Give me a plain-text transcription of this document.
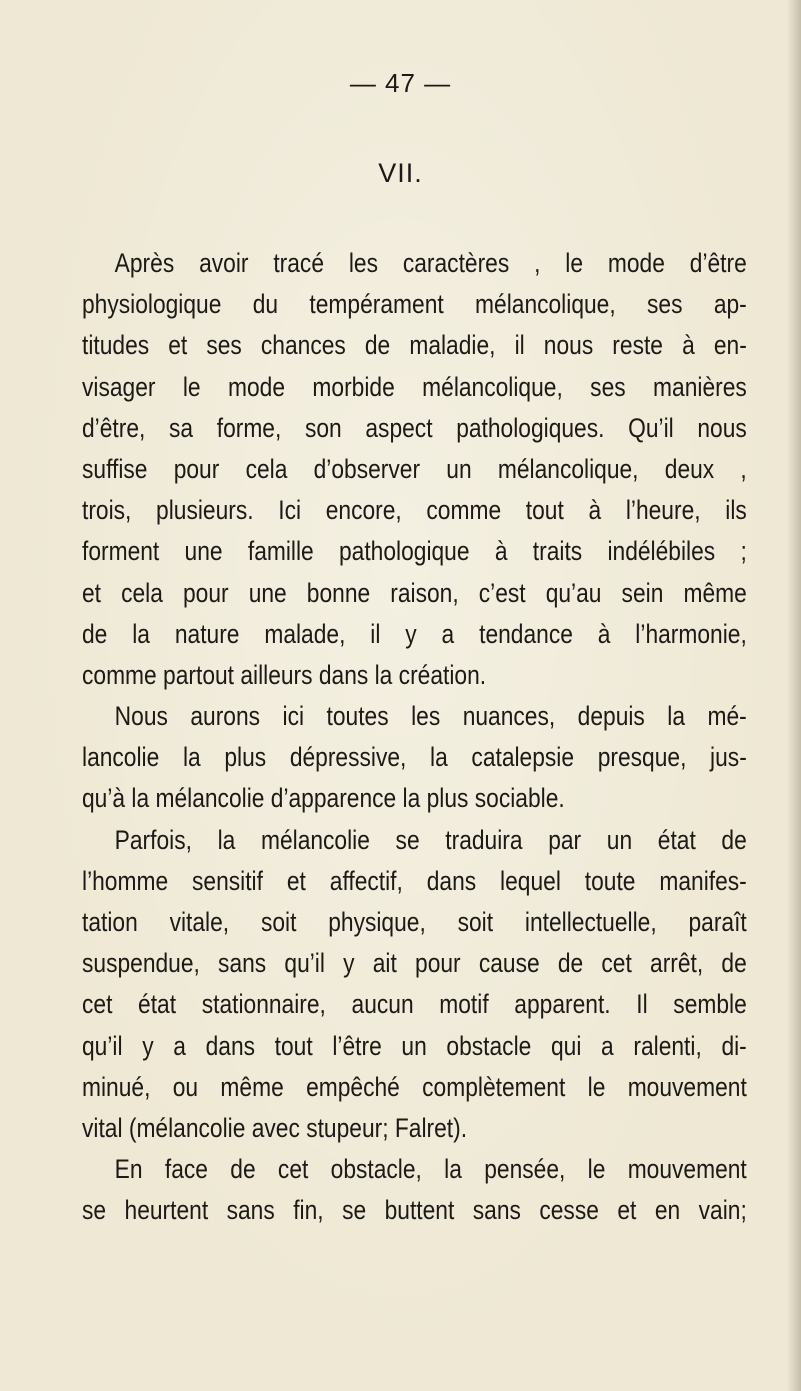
— 47 —
VII.
Après avoir tracé les caractères , le mode d’être
physiologique du tempérament mélancolique, ses ap-
titudes et ses chances de maladie, il nous reste à en-
visager le mode morbide mélancolique, ses manières
d’être, sa forme, son aspect pathologiques. Qu’il nous
suffise pour cela d’observer un mélancolique, deux ,
trois, plusieurs. Ici encore, comme tout à l’heure, ils
forment une famille pathologique à traits indélébiles ;
et cela pour une bonne raison, c’est qu’au sein même
de la nature malade, il y a tendance à l’harmonie,
comme partout ailleurs dans la création.
Nous aurons ici toutes les nuances, depuis la mé-
lancolie la plus dépressive, la catalepsie presque, jus-
qu’à la mélancolie d’apparence la plus sociable.
Parfois, la mélancolie se traduira par un état de
l’homme sensitif et affectif, dans lequel toute manifes-
tation vitale, soit physique, soit intellectuelle, paraît
suspendue, sans qu’il y ait pour cause de cet arrêt, de
cet état stationnaire, aucun motif apparent. Il semble
qu’il y a dans tout l’être un obstacle qui a ralenti, di-
minué, ou même empêché complètement le mouvement
vital (mélancolie avec stupeur; Falret).
En face de cet obstacle, la pensée, le mouvement
se heurtent sans fin, se buttent sans cesse et en vain;
